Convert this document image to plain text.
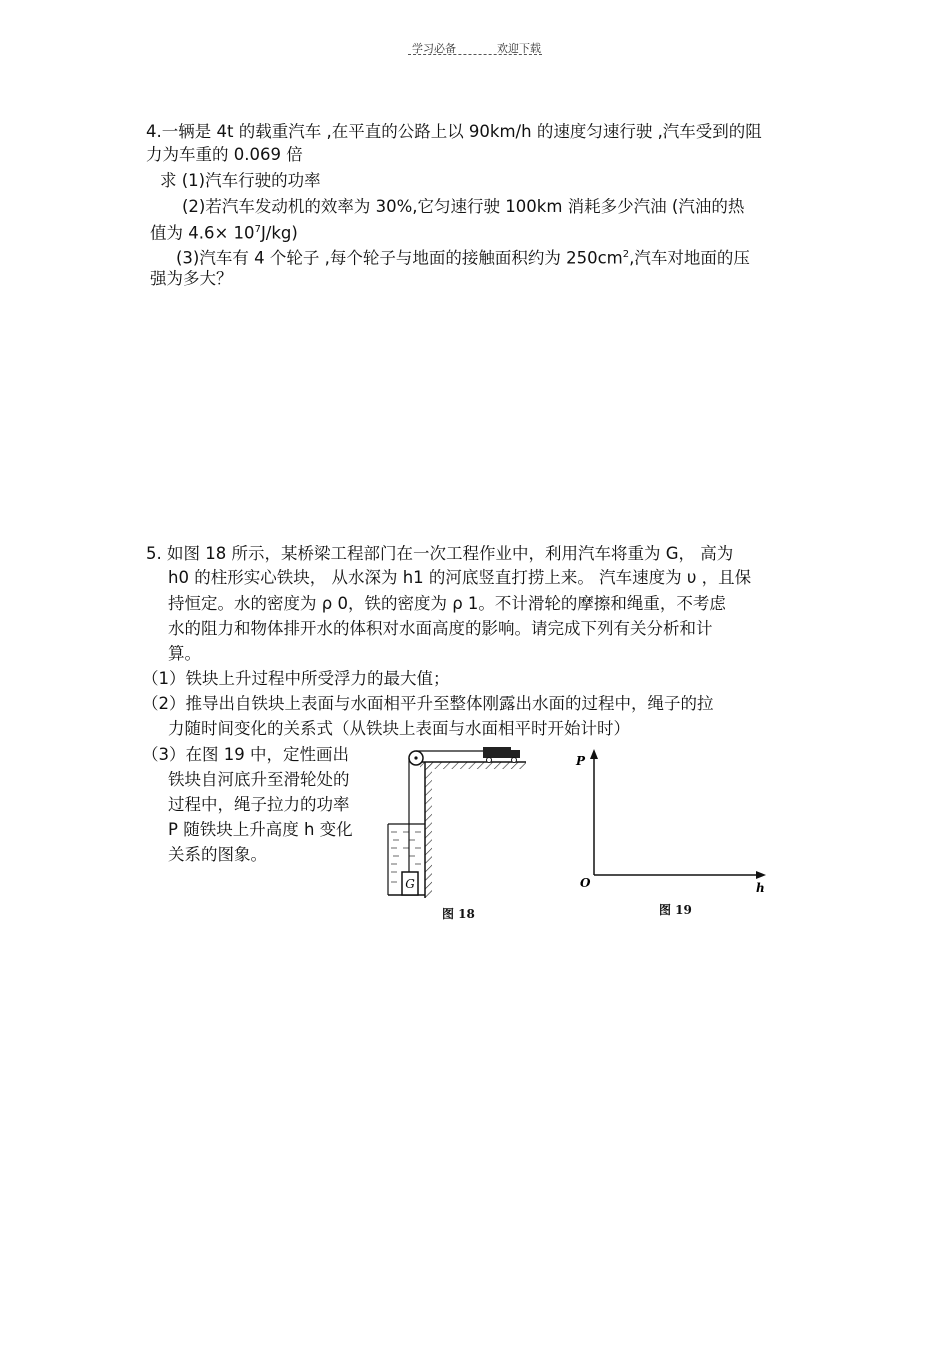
学习必备	欢迎下载
4.一辆是 4t 的载重汽车 ,在平直的公路上以 90km/h 的速度匀速行驶 ,汽车受到的阻
力为车重的 0.069 倍
求 (1)汽车行驶的功率
(2)若汽车发动机的效率为 30%,它匀速行驶 100km 消耗多少汽油 (汽油的热
值为 $4.6\times 10^7J/kg$)
(3)汽车有 4 个轮子 ,每个轮子与地面的接触面积约为 $250cm^2$,汽车对地面的压
强为多大？
5. 如图 18 所示，某桥梁工程部门在一次工程作业中，利用汽车将重为 G， 高为
h0 的柱形实心铁块， 从水深为 h1 的河底竖直打捞上来。 汽车速度为 υ ，且保
持恒定。水的密度为 ρ 0，铁的密度为 ρ 1。不计滑轮的摩擦和绳重，不考虑
水的阻力和物体排开水的体积对水面高度的影响。请完成下列有关分析和计
算。
（1）铁块上升过程中所受浮力的最大值；
（2）推导出自铁块上表面与水面相平升至整体刚露出水面的过程中，绳子的拉
力随时间变化的关系式（从铁块上表面与水面相平时开始计时）
（3）在图 19 中，定性画出
铁块自河底升至滑轮处的
过程中，绳子拉力的功率
P 随铁块上升高度 h 变化
关系的图象。
G
图 18
P
h
O
图 19
